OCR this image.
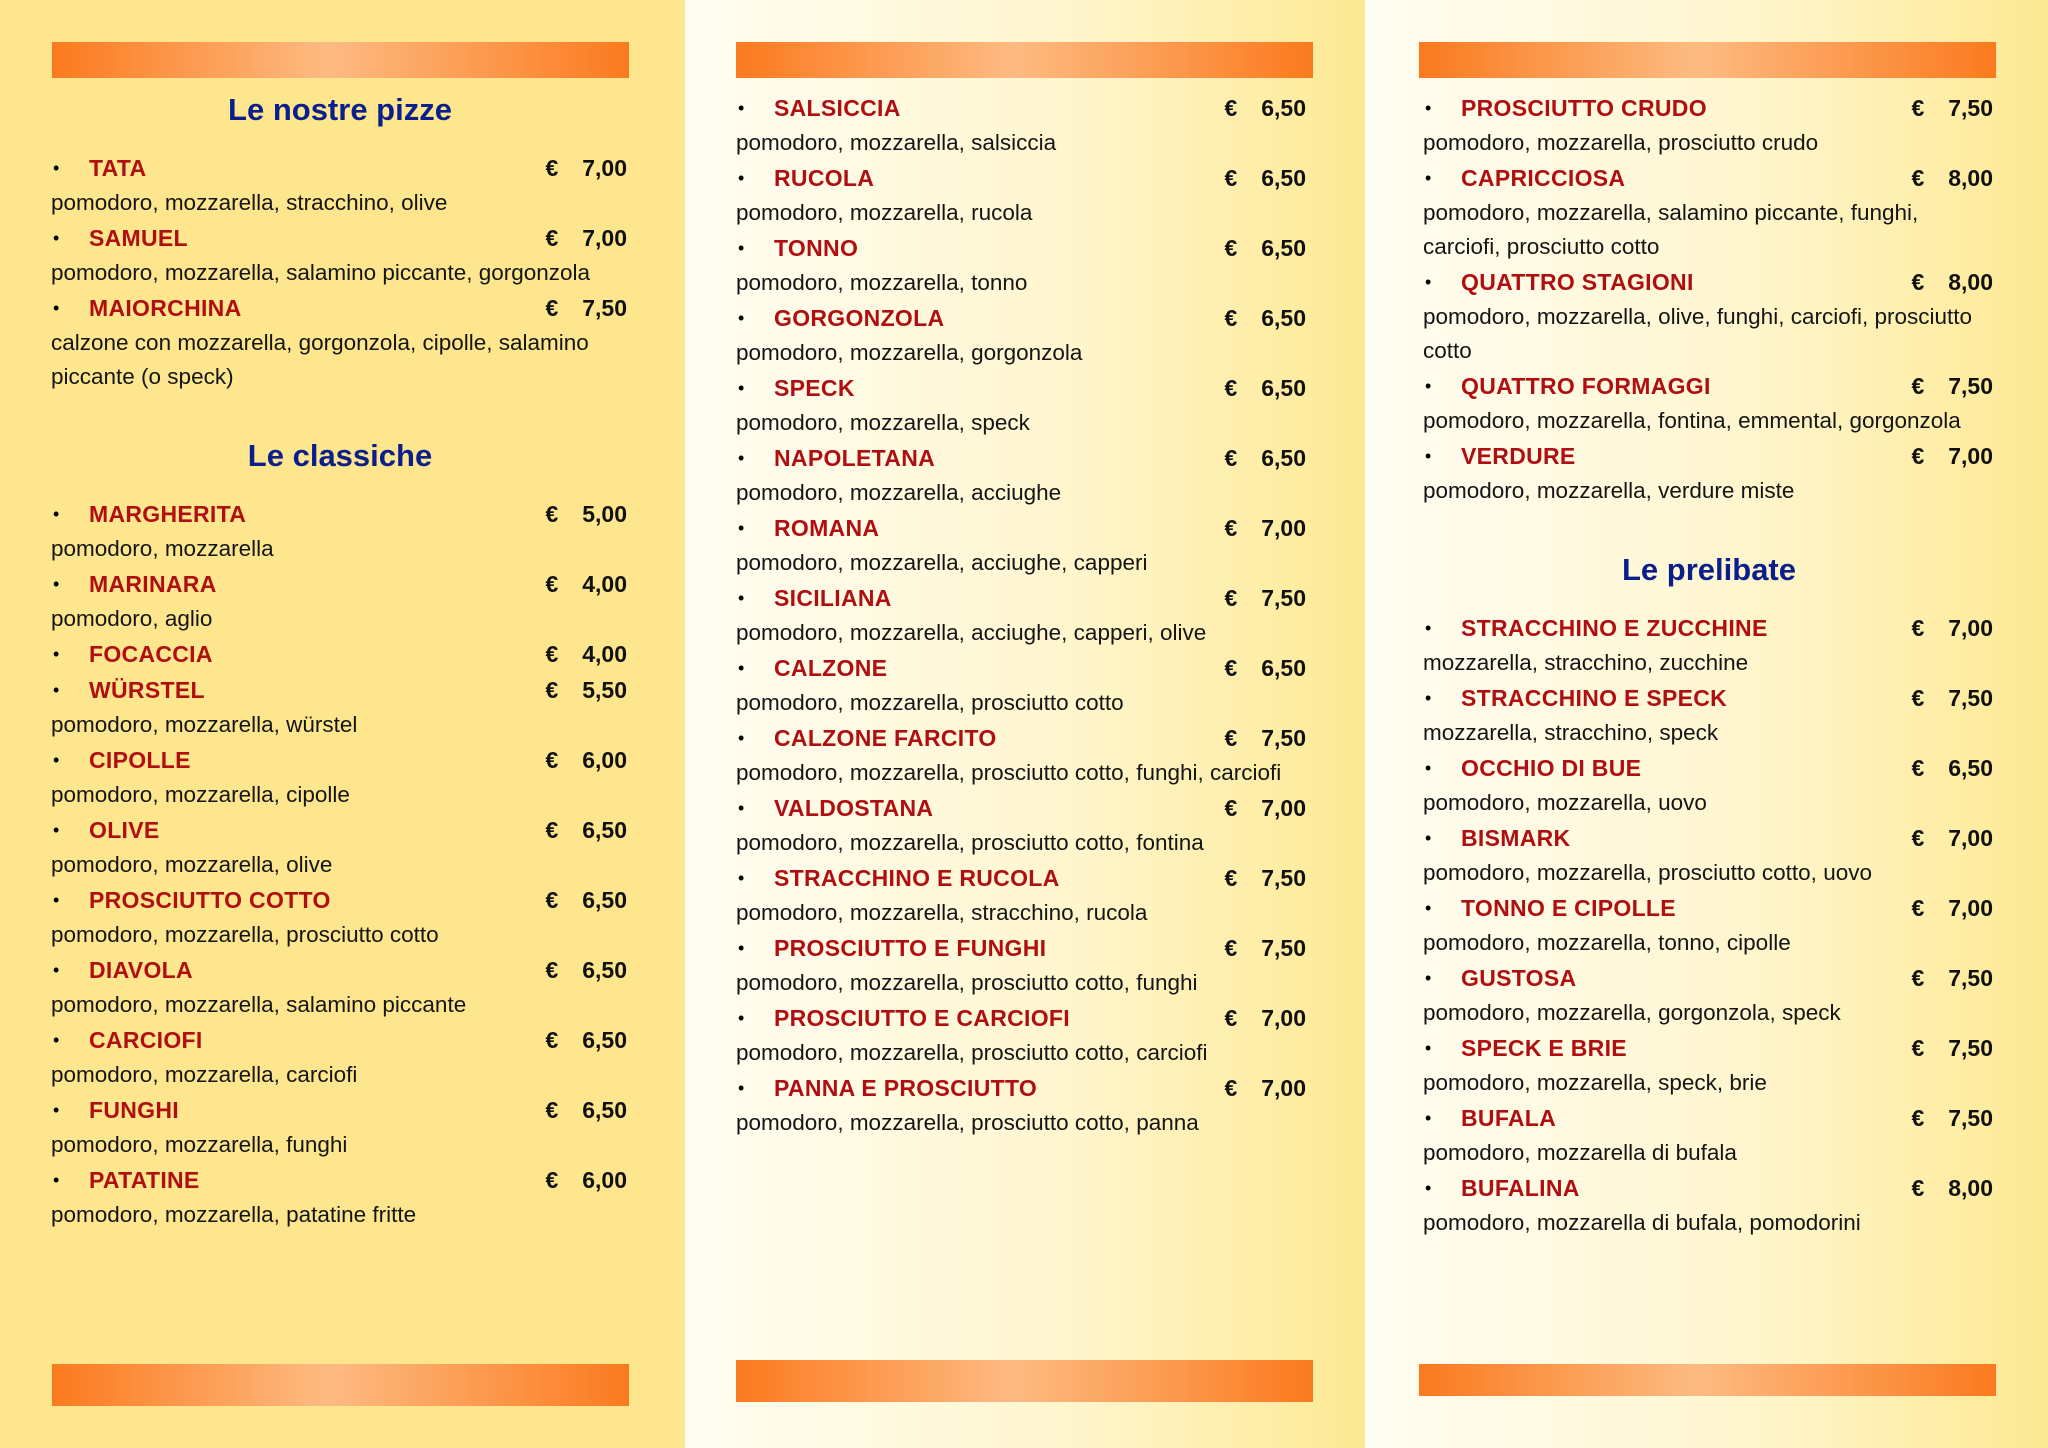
Le nostre pizze
• TATA	€ 7,00
pomodoro, mozzarella, stracchino, olive
• SAMUEL	€ 7,00
pomodoro, mozzarella, salamino piccante, gorgonzola
• MAIORCHINA	€ 7,50
calzone con mozzarella, gorgonzola, cipolle, salamino piccante (o speck)
Le classiche
• MARGHERITA	€ 5,00
pomodoro, mozzarella
• MARINARA	€ 4,00
pomodoro, aglio
• FOCACCIA	€ 4,00
• WÜRSTEL	€ 5,50
pomodoro, mozzarella, würstel
• CIPOLLE	€ 6,00
pomodoro, mozzarella, cipolle
• OLIVE	€ 6,50
pomodoro, mozzarella, olive
• PROSCIUTTO COTTO	€ 6,50
pomodoro, mozzarella, prosciutto cotto
• DIAVOLA	€ 6,50
pomodoro, mozzarella, salamino piccante
• CARCIOFI	€ 6,50
pomodoro, mozzarella, carciofi
• FUNGHI	€ 6,50
pomodoro, mozzarella, funghi
• PATATINE	€ 6,00
pomodoro, mozzarella, patatine fritte
• SALSICCIA	€ 6,50
pomodoro, mozzarella, salsiccia
• RUCOLA	€ 6,50
pomodoro, mozzarella, rucola
• TONNO	€ 6,50
pomodoro, mozzarella, tonno
• GORGONZOLA	€ 6,50
pomodoro, mozzarella, gorgonzola
• SPECK	€ 6,50
pomodoro, mozzarella, speck
• NAPOLETANA	€ 6,50
pomodoro, mozzarella, acciughe
• ROMANA	€ 7,00
pomodoro, mozzarella, acciughe, capperi
• SICILIANA	€ 7,50
pomodoro, mozzarella, acciughe, capperi, olive
• CALZONE	€ 6,50
pomodoro, mozzarella, prosciutto cotto
• CALZONE FARCITO	€ 7,50
pomodoro, mozzarella, prosciutto cotto, funghi, carciofi
• VALDOSTANA	€ 7,00
pomodoro, mozzarella, prosciutto cotto, fontina
• STRACCHINO E RUCOLA	€ 7,50
pomodoro, mozzarella, stracchino, rucola
• PROSCIUTTO E FUNGHI	€ 7,50
pomodoro, mozzarella, prosciutto cotto, funghi
• PROSCIUTTO E CARCIOFI	€ 7,00
pomodoro, mozzarella, prosciutto cotto, carciofi
• PANNA E PROSCIUTTO	€ 7,00
pomodoro, mozzarella, prosciutto cotto, panna
• PROSCIUTTO CRUDO	€ 7,50
pomodoro, mozzarella, prosciutto crudo
• CAPRICCIOSA	€ 8,00
pomodoro, mozzarella, salamino piccante, funghi, carciofi, prosciutto cotto
• QUATTRO STAGIONI	€ 8,00
pomodoro, mozzarella, olive, funghi, carciofi, prosciutto cotto
• QUATTRO FORMAGGI	€ 7,50
pomodoro, mozzarella, fontina, emmental, gorgonzola
• VERDURE	€ 7,00
pomodoro, mozzarella, verdure miste
Le prelibate
• STRACCHINO E ZUCCHINE	€ 7,00
mozzarella, stracchino, zucchine
• STRACCHINO E SPECK	€ 7,50
mozzarella, stracchino, speck
• OCCHIO DI BUE	€ 6,50
pomodoro, mozzarella, uovo
• BISMARK	€ 7,00
pomodoro, mozzarella, prosciutto cotto, uovo
• TONNO E CIPOLLE	€ 7,00
pomodoro, mozzarella, tonno, cipolle
• GUSTOSA	€ 7,50
pomodoro, mozzarella, gorgonzola, speck
• SPECK E BRIE	€ 7,50
pomodoro, mozzarella, speck, brie
• BUFALA	€ 7,50
pomodoro, mozzarella di bufala
• BUFALINA	€ 8,00
pomodoro, mozzarella di bufala, pomodorini
